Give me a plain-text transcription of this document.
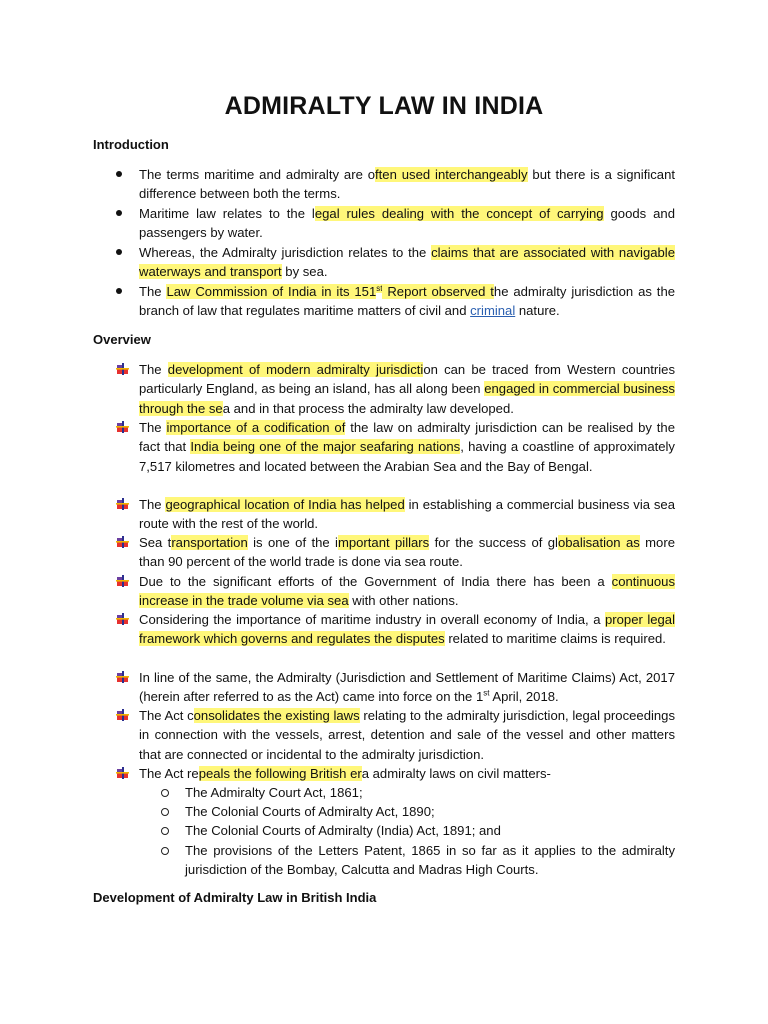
ADMIRALTY LAW IN INDIA
Introduction
The terms maritime and admiralty are often used interchangeably but there is a significant difference between both the terms.
Maritime law relates to the legal rules dealing with the concept of carrying goods and passengers by water.
Whereas, the Admiralty jurisdiction relates to the claims that are associated with navigable waterways and transport by sea.
The Law Commission of India in its 151st Report observed the admiralty jurisdiction as the branch of law that regulates maritime matters of civil and criminal nature.
Overview
The development of modern admiralty jurisdiction can be traced from Western countries particularly England, as being an island, has all along been engaged in commercial business through the sea and in that process the admiralty law developed.
The importance of a codification of the law on admiralty jurisdiction can be realised by the fact that India being one of the major seafaring nations, having a coastline of approximately 7,517 kilometres and located between the Arabian Sea and the Bay of Bengal.
The geographical location of India has helped in establishing a commercial business via sea route with the rest of the world.
Sea transportation is one of the important pillars for the success of globalisation as more than 90 percent of the world trade is done via sea route.
Due to the significant efforts of the Government of India there has been a continuous increase in the trade volume via sea with other nations.
Considering the importance of maritime industry in overall economy of India, a proper legal framework which governs and regulates the disputes related to maritime claims is required.
In line of the same, the Admiralty (Jurisdiction and Settlement of Maritime Claims) Act, 2017 (herein after referred to as the Act) came into force on the 1st April, 2018.
The Act consolidates the existing laws relating to the admiralty jurisdiction, legal proceedings in connection with the vessels, arrest, detention and sale of the vessel and other matters that are connected or incidental to the admiralty jurisdiction.
The Act repeals the following British era admiralty laws on civil matters-
The Admiralty Court Act, 1861;
The Colonial Courts of Admiralty Act, 1890;
The Colonial Courts of Admiralty (India) Act, 1891; and
The provisions of the Letters Patent, 1865 in so far as it applies to the admiralty jurisdiction of the Bombay, Calcutta and Madras High Courts.
Development of Admiralty Law in British India
